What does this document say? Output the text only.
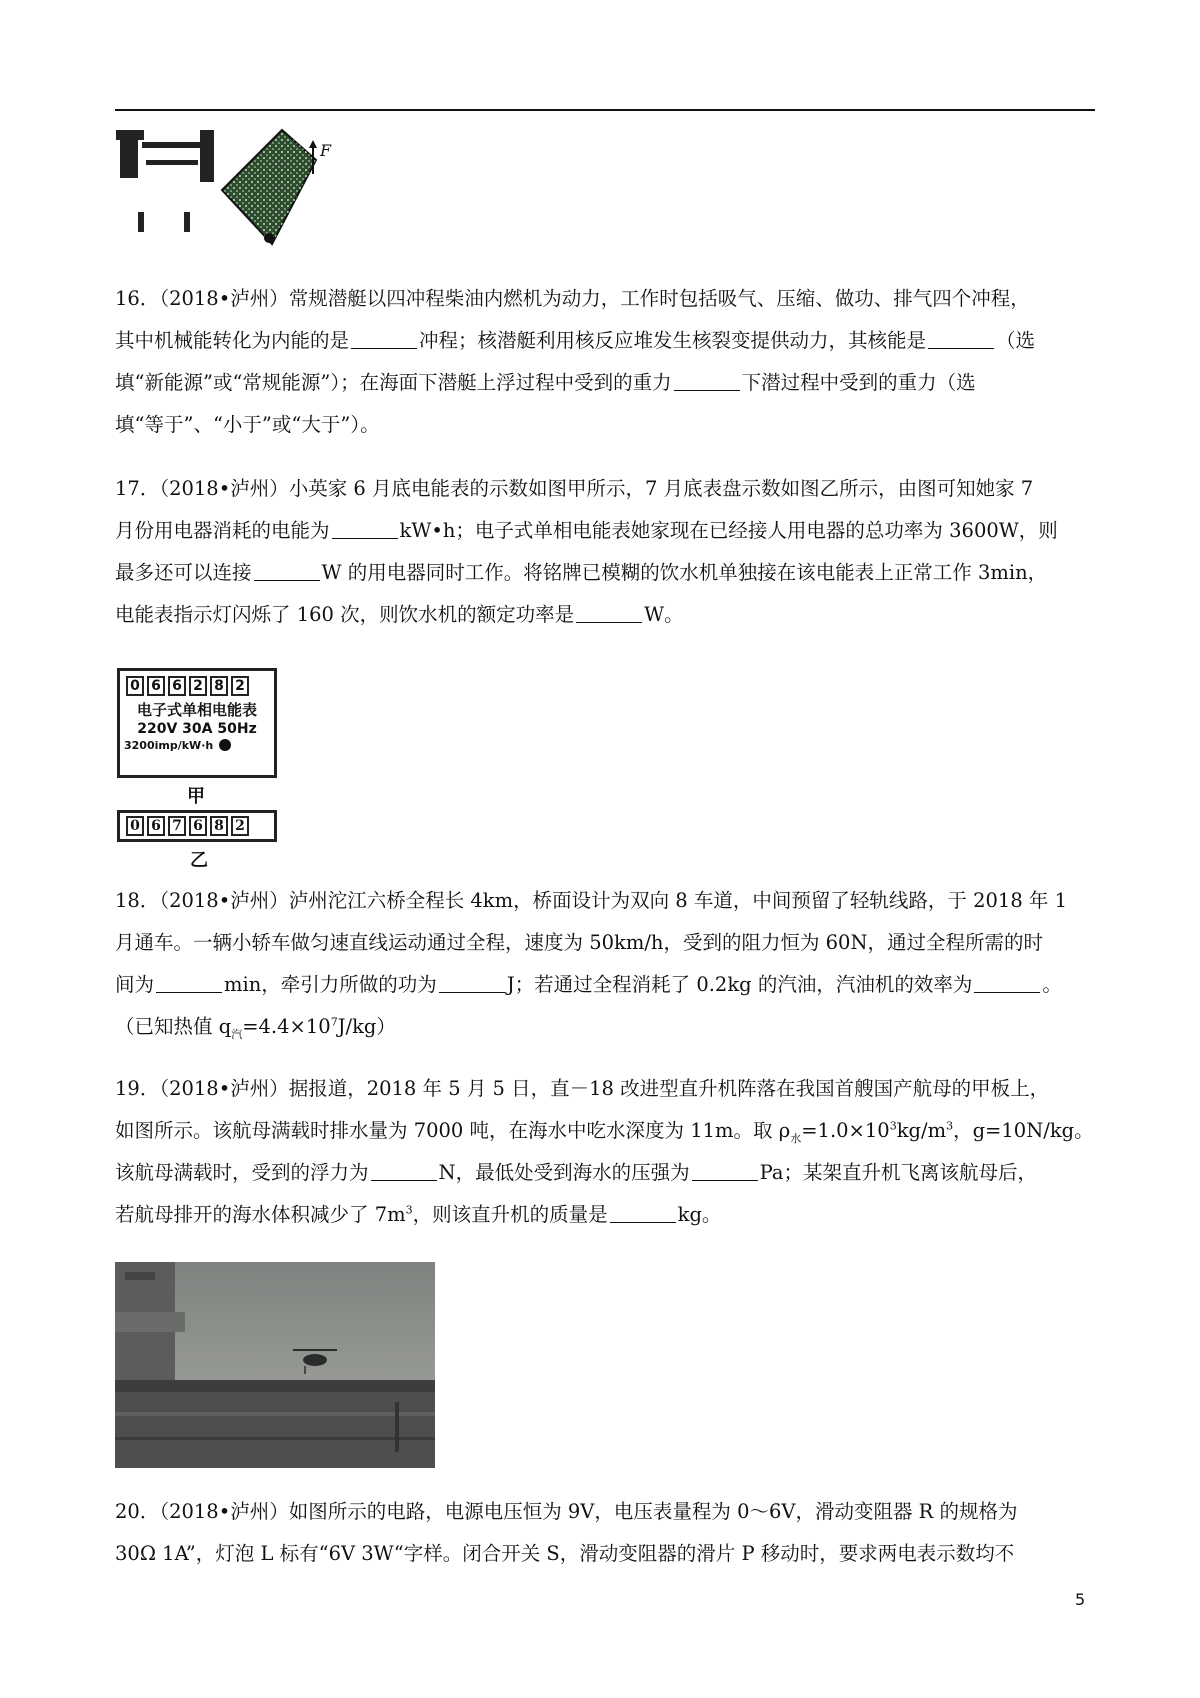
F
16．（2018•泸州）常规潜艇以四冲程柴油内燃机为动力，工作时包括吸气、压缩、做功、排气四个冲程，
其中机械能转化为内能的是	冲程；核潜艇利用核反应堆发生核裂变提供动力，其核能是	（选
填“新能源”或“常规能源”）；在海面下潜艇上浮过程中受到的重力	下潜过程中受到的重力（选
填“等于”、“小于”或“大于”）。
17．（2018•泸州）小英家 6 月底电能表的示数如图甲所示，7 月底表盘示数如图乙所示，由图可知她家 7
月份用电器消耗的电能为	kW•h；电子式单相电能表她家现在已经接人用电器的总功率为 3600W，则
最多还可以连接	W 的用电器同时工作。将铭牌已模糊的饮水机单独接在该电能表上正常工作 3min，
电能表指示灯闪烁了 160 次，则饮水机的额定功率是	W。
0 6 6 2 8 2
电子式单相电能表
220V 30A 50Hz
3200imp/kW·h
甲
0 6 7 6 8 2
乙
18．（2018•泸州）泸州沱江六桥全程长 4km，桥面设计为双向 8 车道，中间预留了轻轨线路，于 2018 年 1
月通车。一辆小轿车做匀速直线运动通过全程，速度为 50km/h，受到的阻力恒为 60N，通过全程所需的时
间为	min，牵引力所做的功为	J；若通过全程消耗了 0.2kg 的汽油，汽油机的效率为	。
（已知热值 $q_汽=4.4\times 10^7J/kg$）
19．（2018•泸州）据报道，2018 年 5 月 5 日，直－18 改进型直升机阵落在我国首艘国产航母的甲板上，
如图所示。该航母满载时排水量为 7000 吨，在海水中吃水深度为 11m。取 $\rho_水=1.0\times 10^3kg/m^3$，g=10N/kg。
该航母满载时，受到的浮力为	N，最低处受到海水的压强为	Pa；某架直升机飞离该航母后，
若航母排开的海水体积减少了 $7m^3$，则该直升机的质量是	kg。
20．（2018•泸州）如图所示的电路，电源电压恒为 9V，电压表量程为 0～6V，滑动变阻器 R 的规格为
30Ω 1A”，灯泡 L 标有“6V 3W“字样。闭合开关 S，滑动变阻器的滑片 P 移动时，要求两电表示数均不
5
